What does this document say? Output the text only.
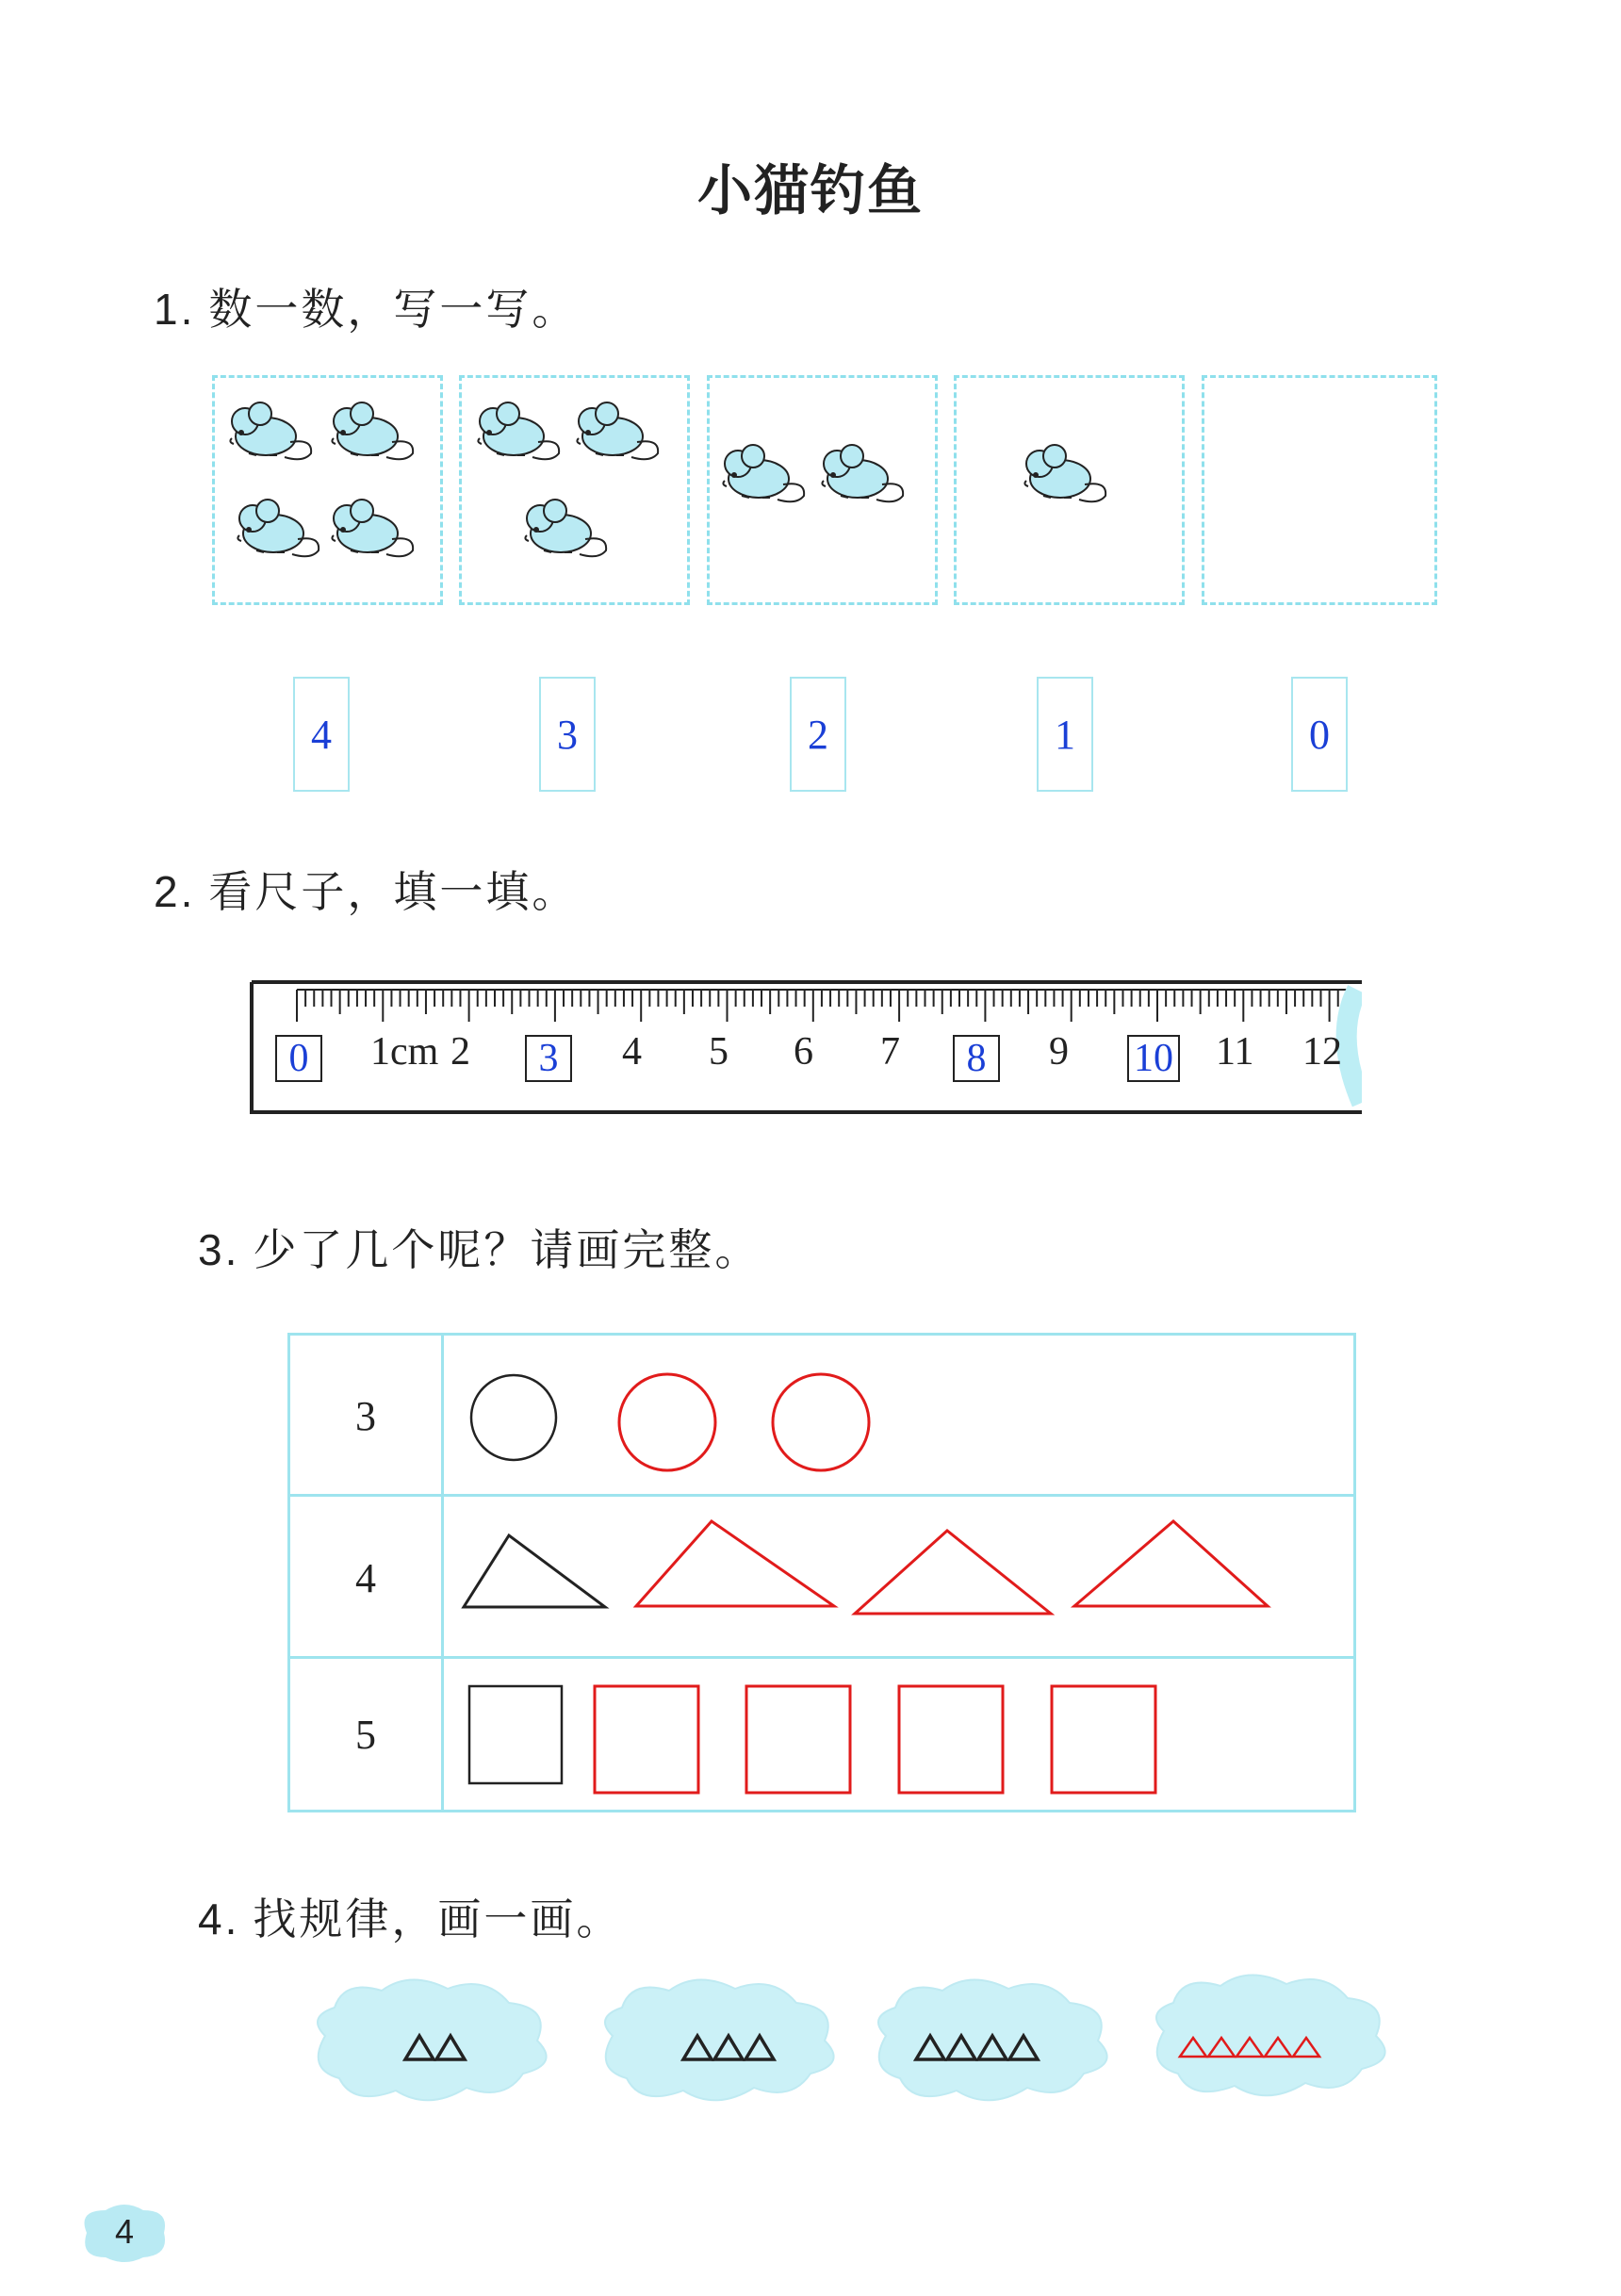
小猫钓鱼
1. 数一数，写一写。
4	3	2	1	0
2. 看尺子，填一填。
0	1cm 2	3	4 5 6 7	8	9 10 11 12
3. 少了几个呢？请画完整。
3
4
5
4. 找规律，画一画。
4
